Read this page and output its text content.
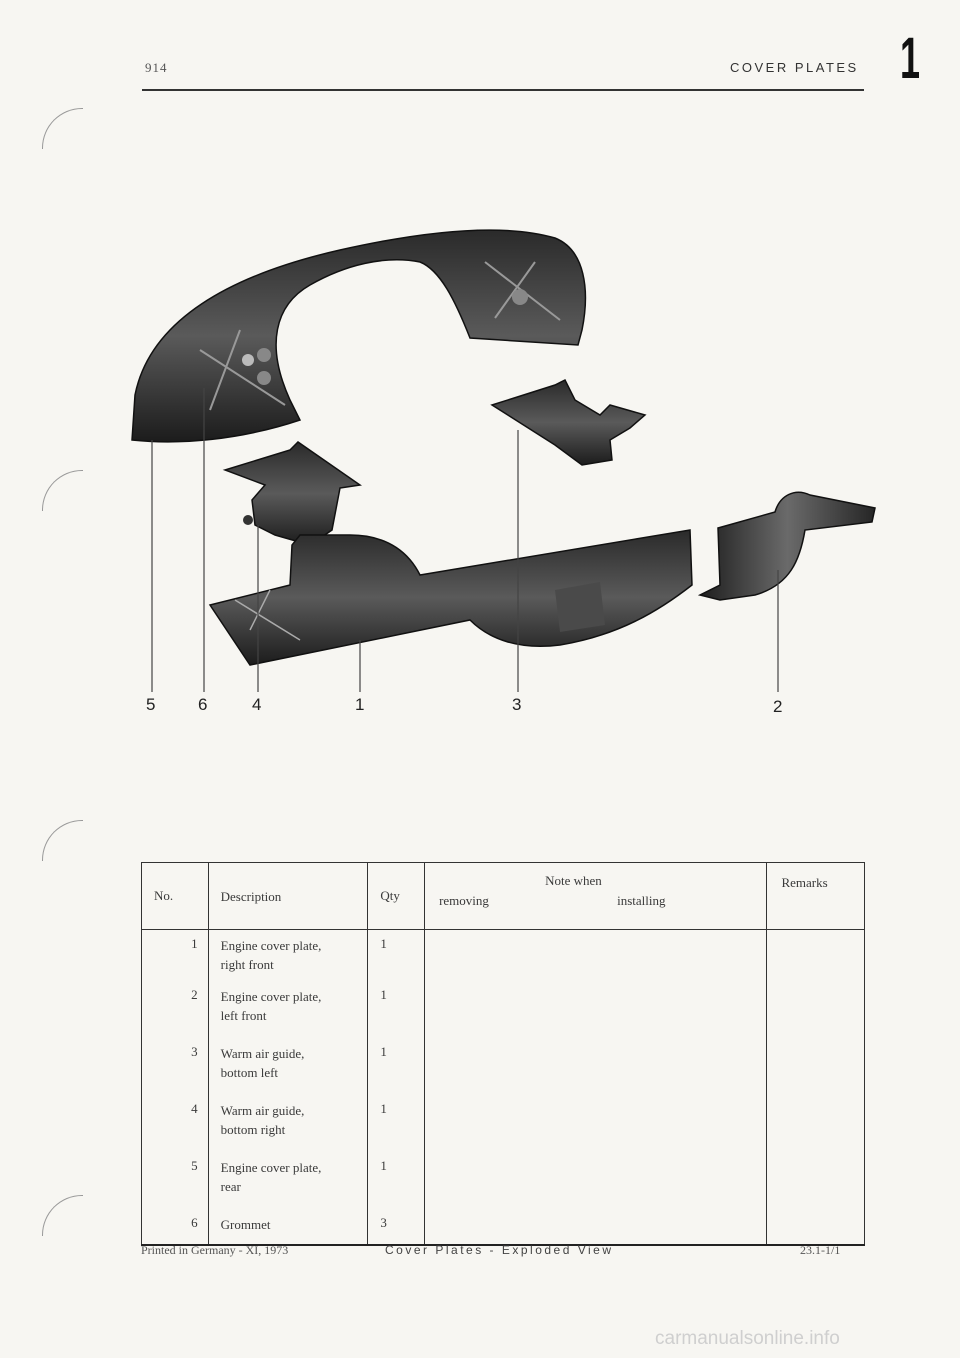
914	COVER PLATES 1
5	6	4	1	3	2
No.	Description	Qty	Note when
removing installing	Remarks
1	Engine cover plate,
right front	1		
2	Engine cover plate,
left front	1		
3	Warm air guide,
bottom left	1		
4	Warm air guide,
bottom right	1		
5	Engine cover plate,
rear	1		
6	Grommet	3		
Printed in Germany - XI, 1973	Cover Plates - Exploded View	23.1-1/1
carmanualsonline.info
